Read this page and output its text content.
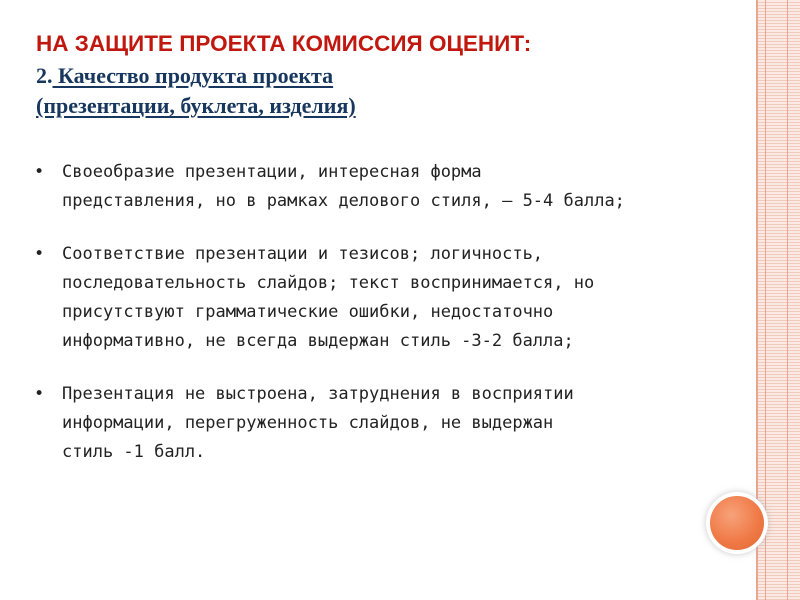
НА ЗАЩИТЕ ПРОЕКТА КОМИССИЯ ОЦЕНИТ:
2. Качество продукта проекта
(презентации, буклета, изделия)
• Своеобразие презентации, интересная форма
представления, но в рамках делового стиля, – 5-4 балла;
• Соответствие презентации и тезисов; логичность,
последовательность слайдов; текст воспринимается, но
присутствуют грамматические ошибки, недостаточно
информативно, не всегда выдержан стиль -3-2 балла;
• Презентация не выстроена, затруднения в восприятии
информации, перегруженность слайдов, не выдержан
стиль -1 балл.
